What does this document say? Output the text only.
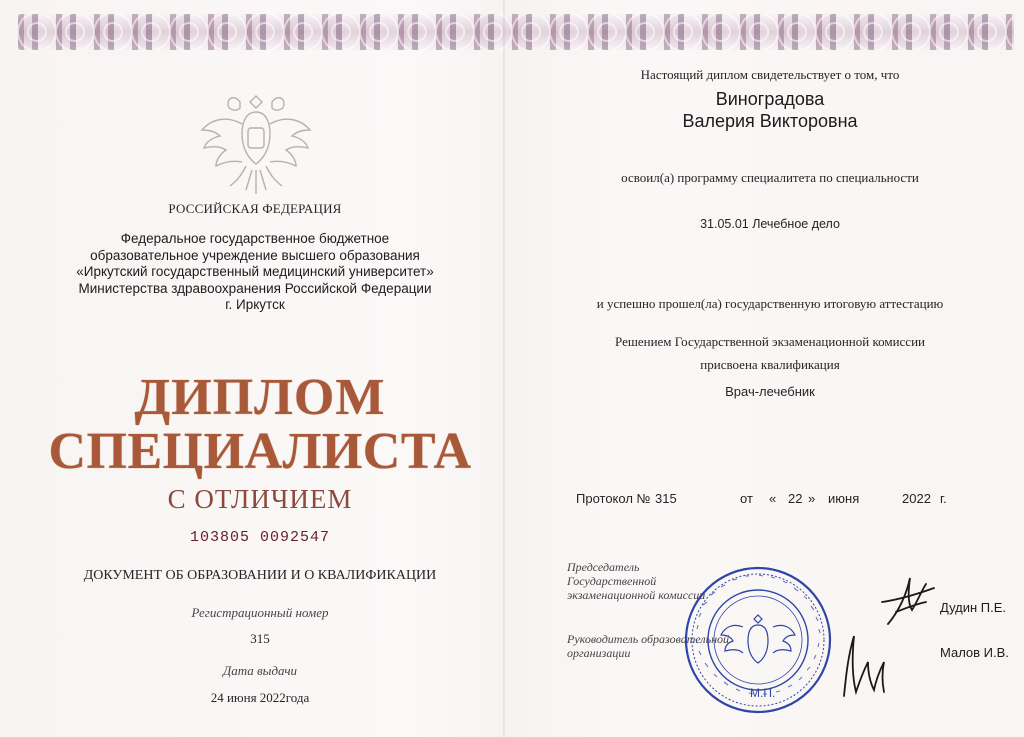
РОССИЙСКАЯ ФЕДЕРАЦИЯ
Федеральное государственное бюджетное
образовательное учреждение высшего образования
«Иркутский государственный медицинский университет»
Министерства здравоохранения Российской Федерации
г. Иркутск
ДИПЛОМ
СПЕЦИАЛИСТА
С ОТЛИЧИЕМ
103805 0092547
ДОКУМЕНТ ОБ ОБРАЗОВАНИИ И О КВАЛИФИКАЦИИ
Регистрационный номер
315
Дата выдачи
24 июня 2022года
Настоящий диплом свидетельствует о том, что
Виноградова
Валерия Викторовна
освоил(а) программу специалитета по специальности
31.05.01 Лечебное дело
и успешно прошел(ла) государственную итоговую аттестацию
Решением Государственной экзаменационной комиссии
присвоена квалификация
Врач-лечебник
Протокол № 315	от « 22 » июня	2022 г.
Председатель
Государственной
экзаменационной комиссии
Руководитель образовательной
организации
М.П.
Дудин П.Е.
Малов И.В.
